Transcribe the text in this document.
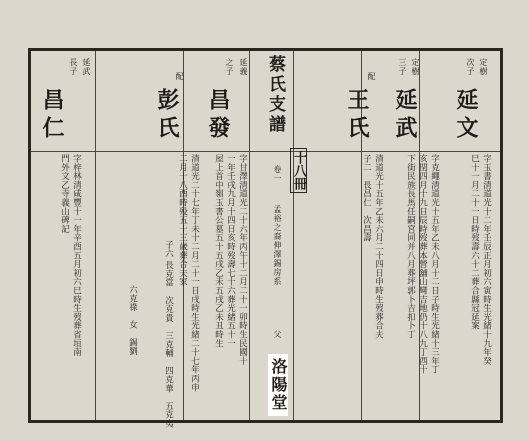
定樹
次子
延文
字玉書清道光十二年壬辰正月初六寅時生光緒十九年癸
巳十一月二十一日時歿壽六十二葬合縣冠延案
定樹
三子
延武
字克繩清道光十五年乙未八月十二日子時生光緒十三年丁
亥閏四月十九日辰時歿葬本營舖山彎吉地仍十八九丁酉十
下街民族長馬任嗣宮同并八月葬坪郭卜吉扣卜丁
配
王氏
清道光十五年乙未六月二十四日申時生歿葬合夫
子二　長昌仁　次昌壽
蔡氏支譜
十八冊
卷一
孟裕之裔伸澤錫房系
父
洛陽堂
延義
之子
昌發
字甘澤清道光二十六年丙午十二月二十一卯時生民國十
一年壬戌九月十四日亥時歿壽七十六葬光緒五十一
屋上首中嶺玉書公墓五十五戌乙未五戌乙未丑時生
配
彭氏
清道光二十七年丁未十二月二十一日戌時生光緒二十七年丙申
二月十八酉時殁五十三歲葬合夫家
子六 長克當　次克貴　三克輔　四克華　五克夷
六克祿　女　錫劉
延武
長子
昌仁
字梓林清咸豐十一年辛酉五月初六巳時生歿葬省垣南
門外文乙寺義山碑記
